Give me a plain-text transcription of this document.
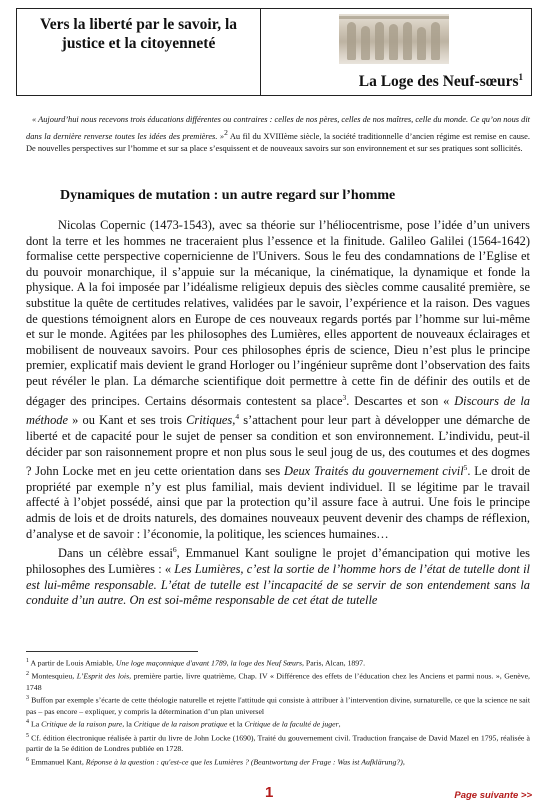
Vers la liberté par le savoir, la justice et la citoyenneté
La Loge des Neuf-sœurs$^1$
« Aujourd’hui nous recevons trois éducations différentes ou contraires : celles de nos pères, celles de nos maîtres, celle du monde. Ce qu’on nous dit dans la dernière renverse toutes les idées des premières. »$^2$ Au fil du XVIIIème siècle, la société traditionnelle d’ancien régime est remise en cause. De nouvelles perspectives sur l’homme et sur sa place s’esquissent et de nouveaux savoirs sur son environnement et sur ses pratiques sont sollicités.
Dynamiques de mutation : un autre regard sur l’homme

Nicolas Copernic (1473-1543), avec sa théorie sur l’héliocentrisme, pose l’idée d’un univers dont la terre et les hommes ne traceraient plus l’essence et la finitude. Galileo Galilei (1564-1642) formalise cette perspective copernicienne de l'Univers. Sous le feu des condamnations de l’Eglise et du pouvoir monarchique, il s’appuie sur la mécanique, la cinématique, la dynamique et fonde la physique. A la foi imposée par l’idéalisme religieux depuis des siècles comme causalité première, se substitue la quête de certitudes relatives, validées par le savoir, l’expérience et la raison. Des vagues de questions témoignent alors en Europe de ces nouveaux regards portés par l’homme sur lui-même et sur le monde. Agitées par les philosophes des Lumières, elles apportent de nouveaux éclairages et mobilisent de nouveaux savoirs. Pour ces philosophes épris de science, Dieu n’est plus le principe premier, explicatif mais devient le grand Horloger ou l’ingénieur suprême dont l’observation des faits peut révéler le plan. La démarche scientifique doit permettre à cette fin de définir des outils et de dégager des principes. Certains désormais contestent sa place$^3$. Descartes et son « Discours de la méthode » ou Kant et ses trois Critiques,$^4$ s’attachent pour leur part à développer une démarche de liberté et de capacité pour le sujet de penser sa condition et son environnement. L’individu, peut-il décider par son raisonnement propre et non plus sous le seul joug de us, des coutumes et des dogmes ? John Locke met en jeu cette orientation dans ses Deux Traités du gouvernement civil$^5$. Le droit de propriété par exemple n’y est plus familial, mais devient individuel. Il se légitime par le travail affecté à l’objet possédé, ainsi que par la protection qu’il assure face à autrui. Une fois le principe admis de lois et de droits naturels, des domaines nouveaux peuvent devenir des champs de réflexion, d’analyse et de savoir : l’économie, la politique, les sciences humaines…

Dans un célèbre essai$^6$, Emmanuel Kant souligne le projet d’émancipation qui motive les philosophes des Lumières : « Les Lumières, c’est la sortie de l’homme hors de l’état de tutelle dont il est lui-même responsable. L’état de tutelle est l’incapacité de se servir de son entendement sans la conduite d’un autre. On est soi-même responsable de cet état de tutelle

$^1$ A partir de Louis Amiable, Une loge maçonnique d'avant 1789, la loge des Neuf Sœurs, Paris, Alcan, 1897.
$^2$ Montesquieu, L’Esprit des lois, première partie, livre quatrième, Chap. IV « Différence des effets de l’éducation chez les Anciens et parmi nous. », Genève, 1748
$^3$ Buffon par exemple s’écarte de cette théologie naturelle et rejette l'attitude qui consiste à attribuer à l’intervention divine, surnaturelle, ce que la science ne sait pas – pas encore – expliquer, y compris la détermination d’un plan universel
$^4$ La Critique de la raison pure, la Critique de la raison pratique et la Critique de la faculté de juger,
$^5$ Cf. édition électronique réalisée à partir du livre de John Locke (1690), Traité du gouvernement civil. Traduction française de David Mazel en 1795, réalisée à partir de la 5e édition de Londres publiée en 1728.
$^6$ Emmanuel Kant, Réponse à la question : qu'est-ce que les Lumières ? (Beantwortung der Frage : Was ist Aufklärung?),
1	Page suivante >>
